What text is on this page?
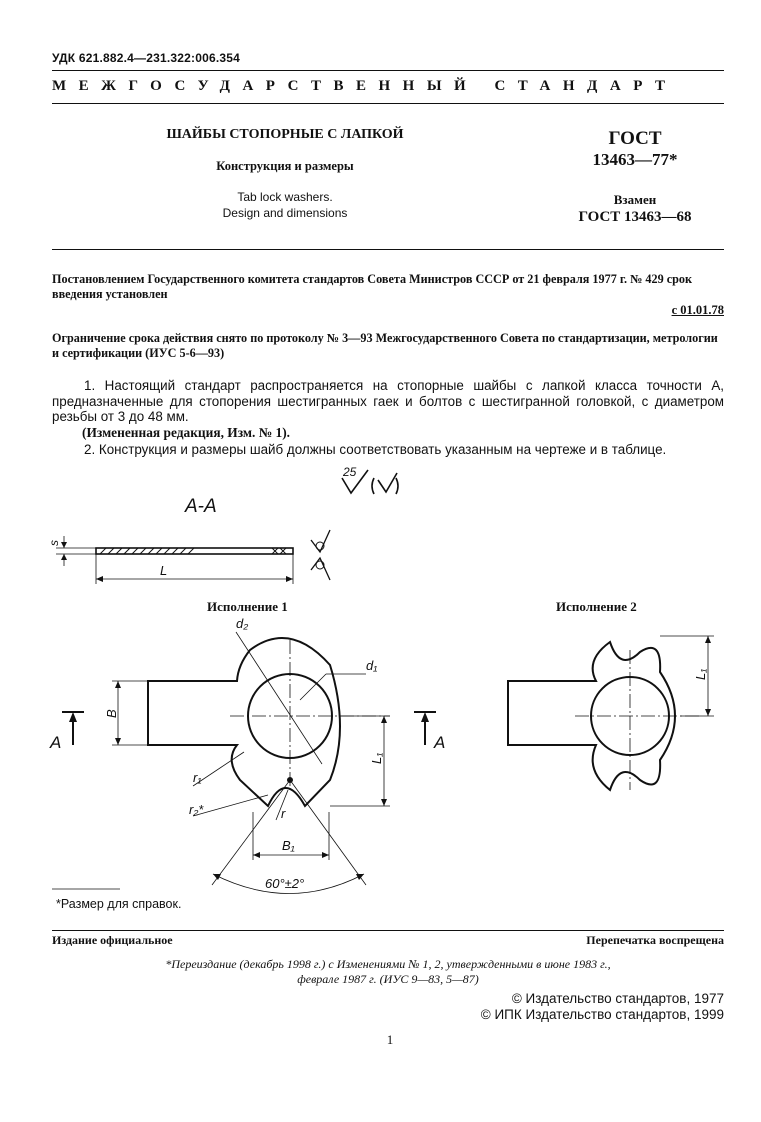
УДК 621.882.4—231.322:006.354
МЕЖГОСУДАРСТВЕННЫЙ СТАНДАРТ
ШАЙБЫ СТОПОРНЫЕ С ЛАПКОЙ
Конструкция и размеры
Tab lock washers.
Design and dimensions
ГОСТ
13463—77*
Взамен
ГОСТ 13463—68
Постановлением Государственного комитета стандартов Совета Министров СССР от 21 февраля 1977 г. № 429 срок введения установлен
с 01.01.78
Ограничение срока действия снято по протоколу № 3—93 Межгосударственного Совета по стандартизации, метрологии и сертификации (ИУС 5-6—93)
1. Настоящий стандарт распространяется на стопорные шайбы с лапкой класса точности А, предназначенные для стопорения шестигранных гаек и болтов с шестигранной головкой, с диаметром резьбы от 3 до 48 мм.
(Измененная редакция, Изм. № 1).
2. Конструкция и размеры шайб должны соответствовать указанным на чертеже и в таблице.
25
A-A
s
L
Исполнение 1	Исполнение 2
d₂
d₁
B
L₁
r₁
r₂*	r
B₁
60°±2°
A	A
L₁
*Размер для справок.
Издание официальное	Перепечатка воспрещена
*Переиздание (декабрь 1998 г.) с Изменениями № 1, 2, утвержденными в июне 1983 г.,
феврале 1987 г. (ИУС 9—83, 5—87)
© Издательство стандартов, 1977
© ИПК Издательство стандартов, 1999
1
